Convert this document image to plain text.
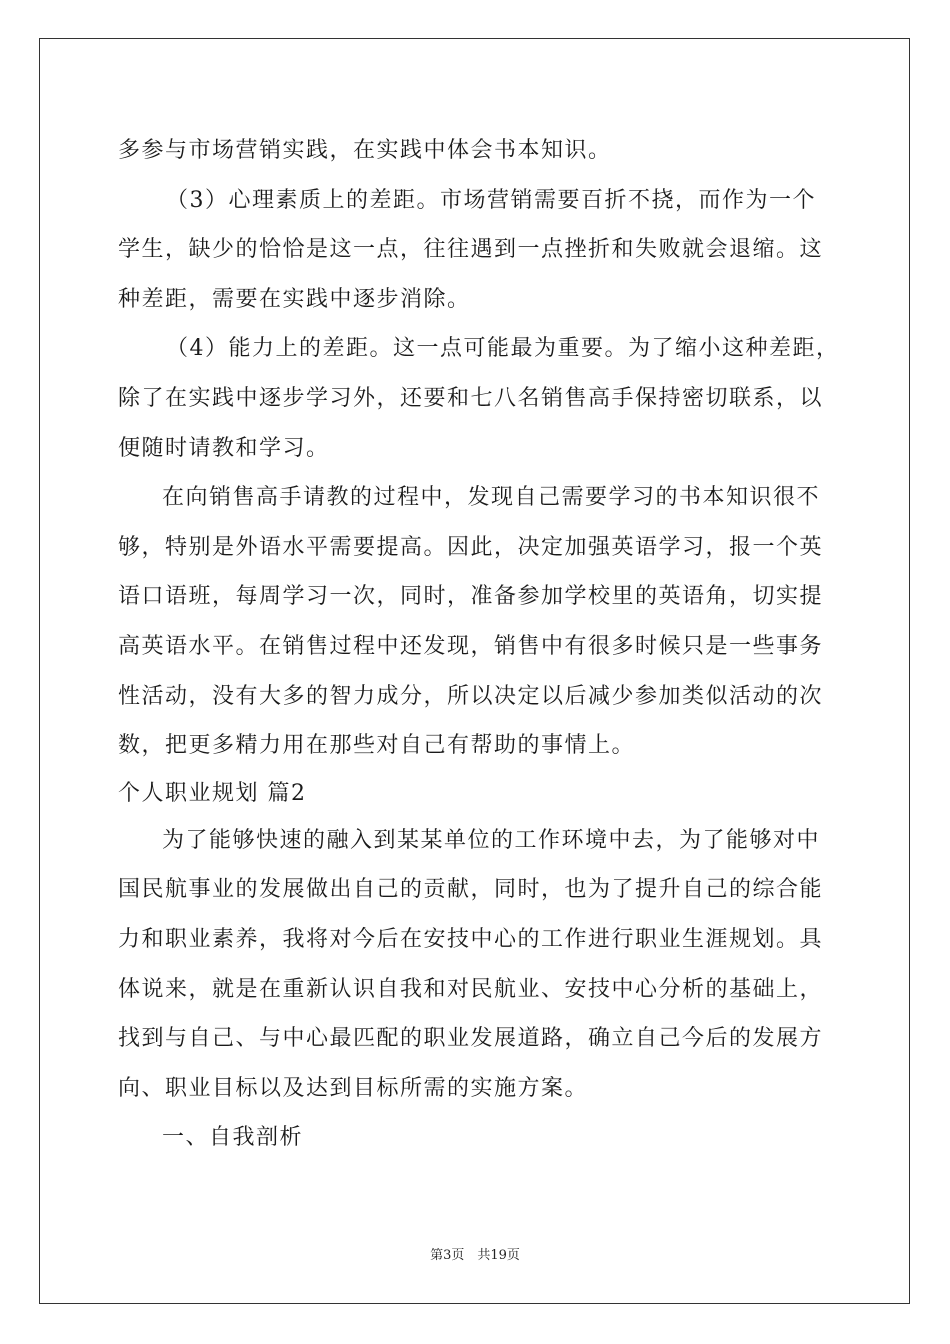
多参与市场营销实践，在实践中体会书本知识。
（3）心理素质上的差距。市场营销需要百折不挠，而作为一个
学生，缺少的恰恰是这一点，往往遇到一点挫折和失败就会退缩。这
种差距，需要在实践中逐步消除。
（4）能力上的差距。这一点可能最为重要。为了缩小这种差距，
除了在实践中逐步学习外，还要和七八名销售高手保持密切联系，以
便随时请教和学习。
在向销售高手请教的过程中，发现自己需要学习的书本知识很不
够，特别是外语水平需要提高。因此，决定加强英语学习，报一个英
语口语班，每周学习一次，同时，准备参加学校里的英语角，切实提
高英语水平。在销售过程中还发现，销售中有很多时候只是一些事务
性活动，没有大多的智力成分，所以决定以后减少参加类似活动的次
数，把更多精力用在那些对自己有帮助的事情上。
个人职业规划 篇2
为了能够快速的融入到某某单位的工作环境中去，为了能够对中
国民航事业的发展做出自己的贡献，同时，也为了提升自己的综合能
力和职业素养，我将对今后在安技中心的工作进行职业生涯规划。具
体说来，就是在重新认识自我和对民航业、安技中心分析的基础上，
找到与自己、与中心最匹配的职业发展道路，确立自己今后的发展方
向、职业目标以及达到目标所需的实施方案。
一、自我剖析
第3页　共19页
